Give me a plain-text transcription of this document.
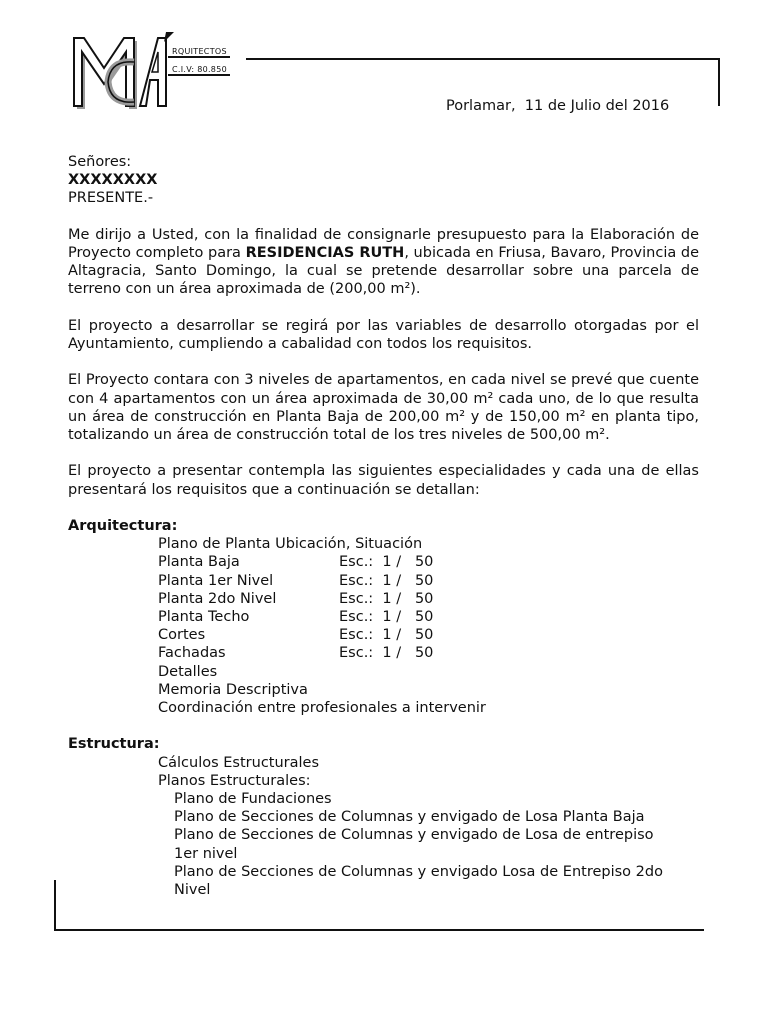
RQUITECTOS
C.I.V: 80.850
Porlamar,  11 de Julio del 2016

Señores:

XXXXXXXX

PRESENTE.-

Me dirijo a Usted, con la finalidad de consignarle presupuesto para la Elaboración de Proyecto completo para RESIDENCIAS RUTH, ubicada en Friusa, Bavaro, Provincia de Altagracia, Santo Domingo, la cual se pretende desarrollar sobre una parcela de terreno con un área aproximada de (200,00 m²).

El proyecto a desarrollar se regirá por las variables de desarrollo otorgadas por el Ayuntamiento, cumpliendo a cabalidad con todos los requisitos.

El Proyecto contara con 3 niveles de apartamentos, en cada nivel se prevé que cuente con 4 apartamentos con un área aproximada de 30,00 m² cada uno, de lo que resulta un área de construcción en Planta Baja de 200,00 m² y de 150,00 m² en planta tipo, totalizando un área de construcción total de los tres niveles de 500,00 m².

El proyecto a presentar contempla las siguientes especialidades y cada una de ellas presentará los requisitos que a continuación se detallan:

Arquitectura:

Plano de Planta Ubicación, Situación
Planta Baja	Esc.:  1 /   50
Planta 1er Nivel	Esc.:  1 /   50
Planta 2do Nivel	Esc.:  1 /   50
Planta Techo	Esc.:  1 /   50
Cortes	Esc.:  1 /   50
Fachadas	Esc.:  1 /   50
Detalles
Memoria Descriptiva
Coordinación entre profesionales a intervenir

Estructura:

Cálculos Estructurales
Planos Estructurales:
Plano de Fundaciones
Plano de Secciones de Columnas y envigado de Losa Planta Baja
Plano de Secciones de Columnas y envigado de Losa de entrepiso
1er nivel
Plano de Secciones de Columnas y envigado Losa de Entrepiso 2do
Nivel
